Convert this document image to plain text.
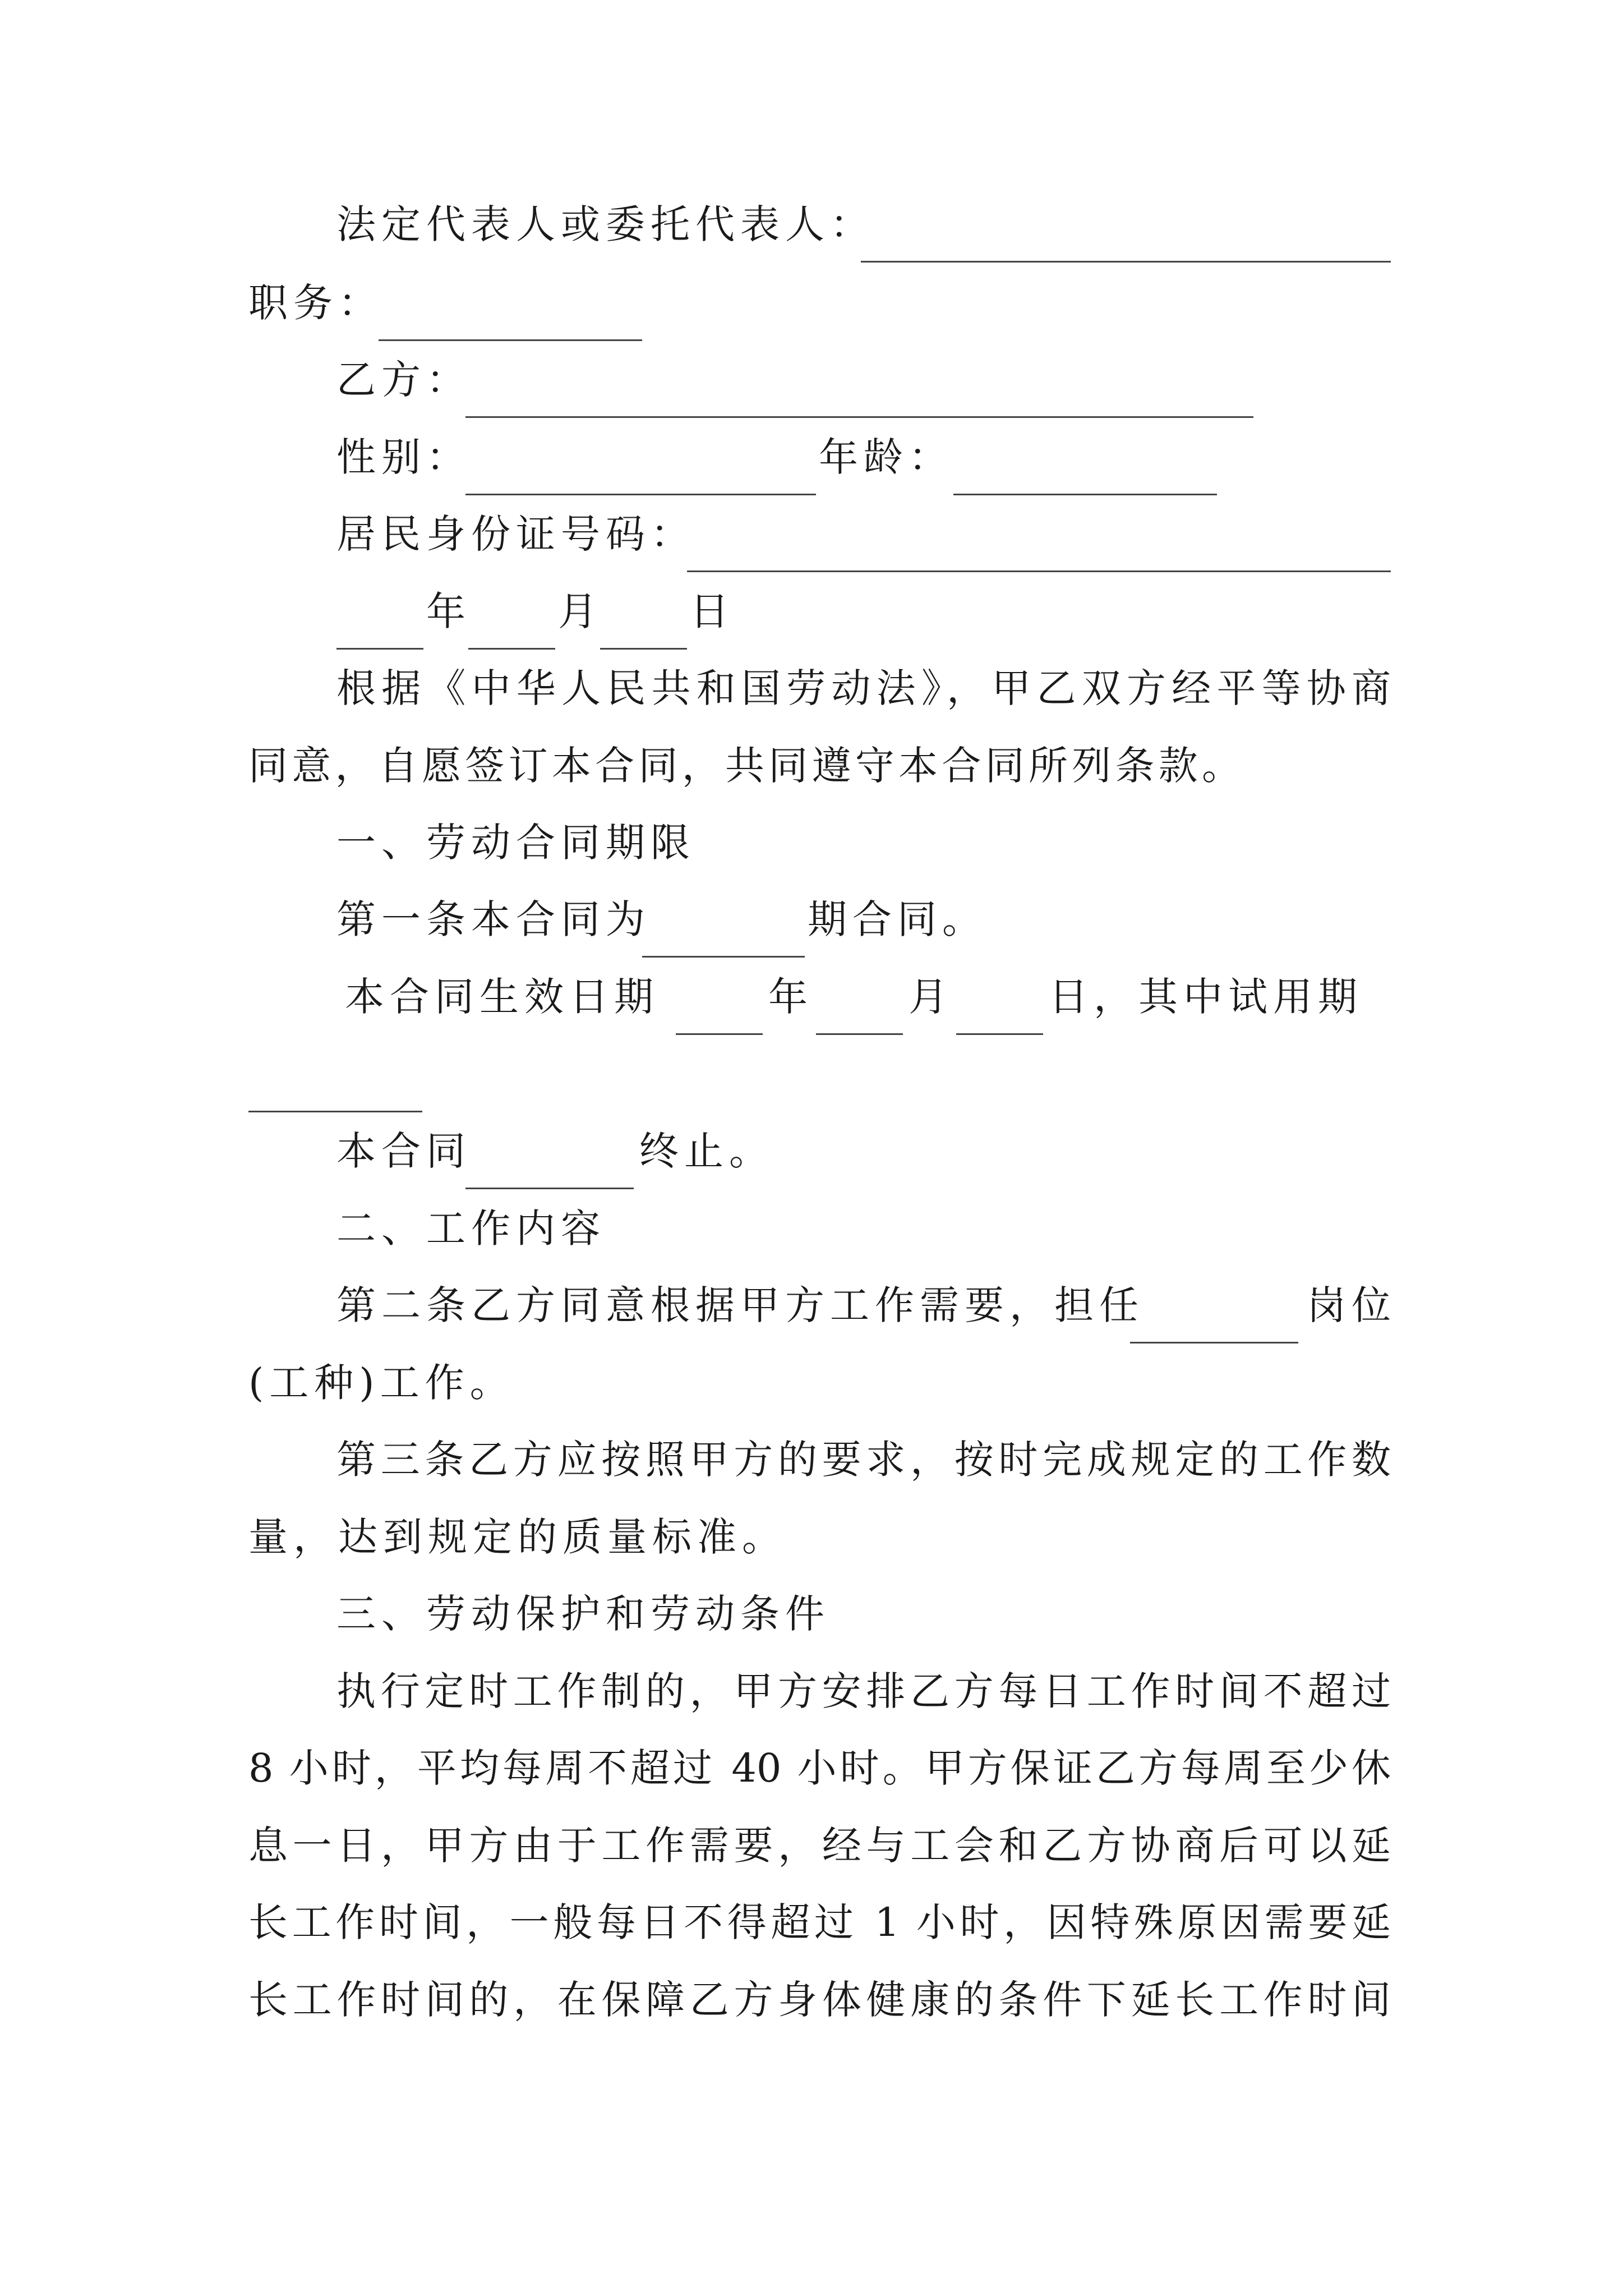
法定代表人或委托代表人：
职务：
乙方：
性别：	年龄：
居民身份证号码：
年 月 日
根据《中华人民共和国劳动法》，甲乙双方经平等协商
同意，自愿签订本合同，共同遵守本合同所列条款。
一、劳动合同期限
第一条本合同为	期合同。
本合同生效日期	年 月 日，其中试用期
本合同	终止。
二、工作内容
第二条乙方同意根据甲方工作需要，担任	岗位
(工种)工作。
第三条乙方应按照甲方的要求，按时完成规定的工作数
量，达到规定的质量标准。
三、劳动保护和劳动条件
执行定时工作制的，甲方安排乙方每日工作时间不超过
8 小时，平均每周不超过 40 小时。甲方保证乙方每周至少休
息一日，甲方由于工作需要，经与工会和乙方协商后可以延
长工作时间，一般每日不得超过 1 小时，因特殊原因需要延
长工作时间的，在保障乙方身体健康的条件下延长工作时间
